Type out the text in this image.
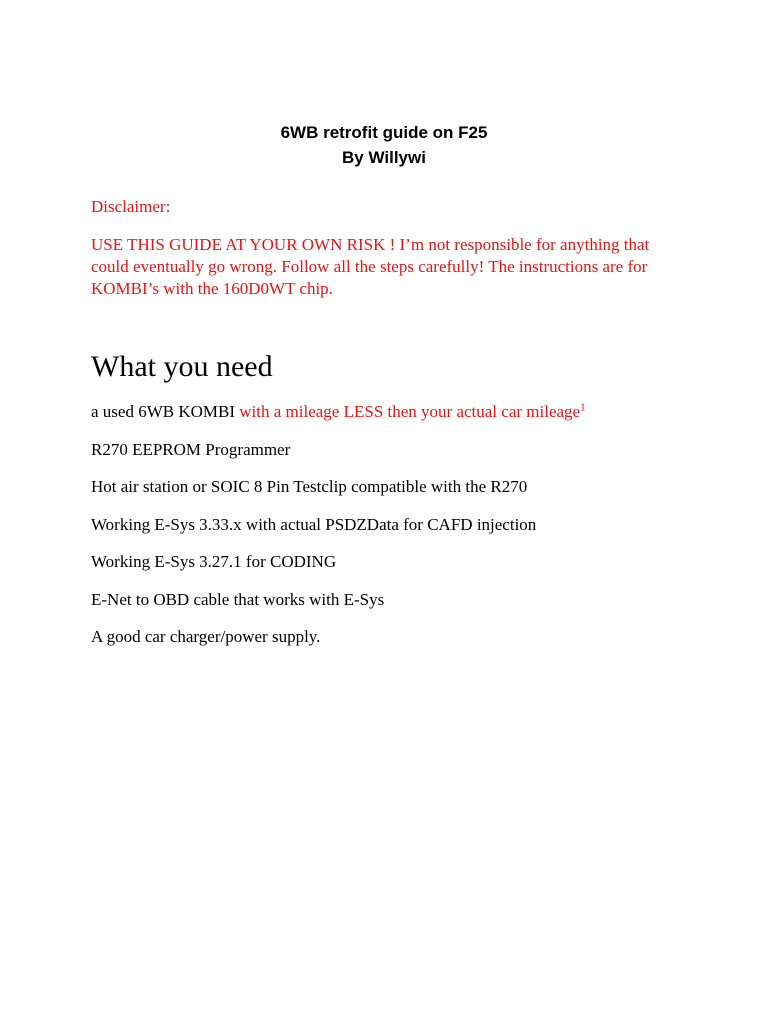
6WB retrofit guide on F25
By Willywi
Disclaimer:
USE THIS GUIDE AT YOUR OWN RISK ! I’m not responsible for anything that could eventually go wrong. Follow all the steps carefully! The instructions are for KOMBI’s with the 160D0WT chip.
What you need
a used 6WB KOMBI with a mileage LESS then your actual car mileage$^1$
R270 EEPROM Programmer
Hot air station or SOIC 8 Pin Testclip compatible with the R270
Working E-Sys 3.33.x with actual PSDZData for CAFD injection
Working E-Sys 3.27.1 for CODING
E-Net to OBD cable that works with E-Sys
A good car charger/power supply.
